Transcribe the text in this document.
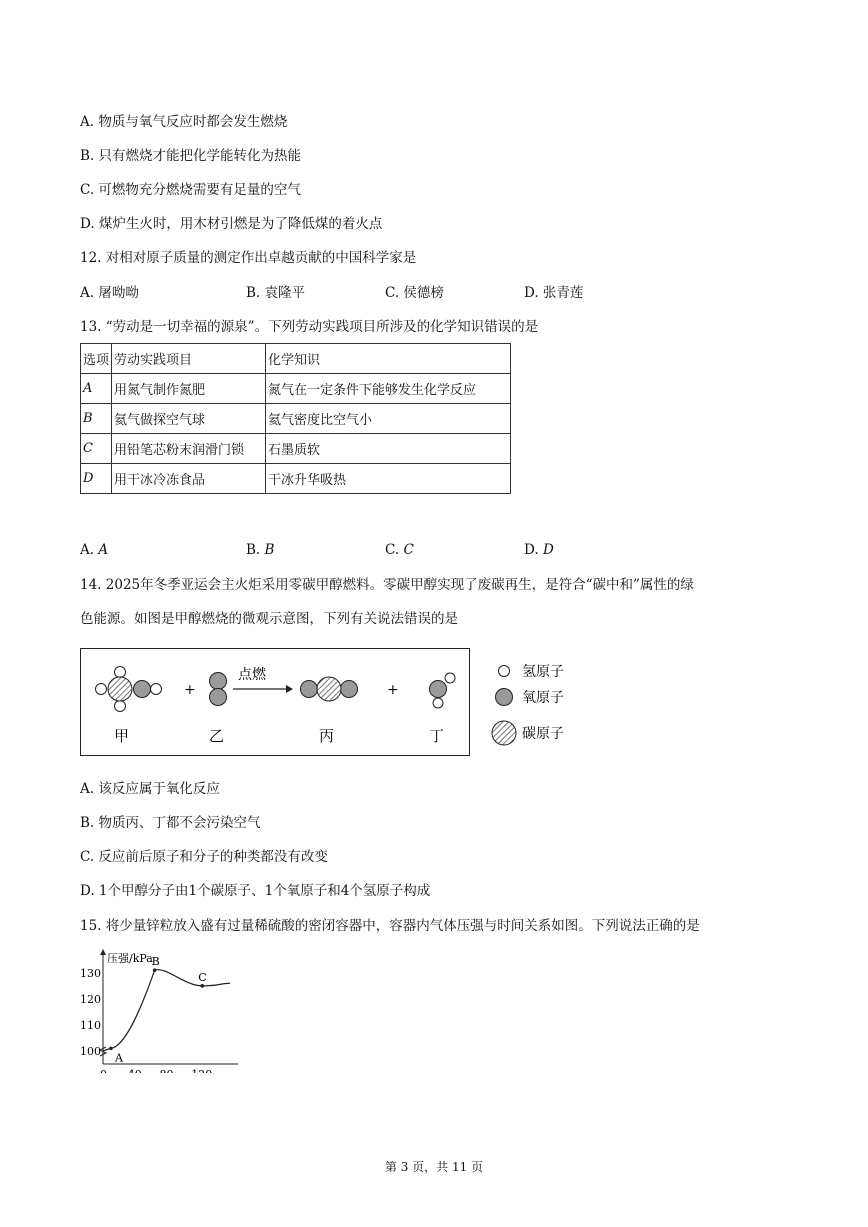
A. 物质与氧气反应时都会发生燃烧
B. 只有燃烧才能把化学能转化为热能
C. 可燃物充分燃烧需要有足量的空气
D. 煤炉生火时，用木材引燃是为了降低煤的着火点
12. 对相对原子质量的测定作出卓越贡献的中国科学家是
A. 屠呦呦	B. 袁隆平	C. 侯德榜	D. 张青莲
13. “劳动是一切幸福的源泉”。下列劳动实践项目所涉及的化学知识错误的是
选项	劳动实践项目	化学知识
A	用氮气制作氮肥	氮气在一定条件下能够发生化学反应
B	氦气做探空气球	氦气密度比空气小
C	用铅笔芯粉末润滑门锁	石墨质软
D	用干冰冷冻食品	干冰升华吸热
A. A	B. B	C. C	D. D
14. 2025年冬季亚运会主火炬采用零碳甲醇燃料。零碳甲醇实现了废碳再生，是符合“碳中和”属性的绿
色能源。如图是甲醇燃烧的微观示意图，下列有关说法错误的是
+
点燃
+
甲	乙	丙	丁
氢原子
氧原子
碳原子
A. 该反应属于氧化反应
B. 物质丙、丁都不会污染空气
C. 反应前后原子和分子的种类都没有改变
D. 1个甲醇分子由1个碳原子、1个氧原子和4个氢原子构成
15. 将少量锌粒放入盛有过量稀硫酸的密闭容器中，容器内气体压强与时间关系如图。下列说法正确的是
压强/kPa
100
110
120
130
A
B
C
第 3 页，共 11 页
